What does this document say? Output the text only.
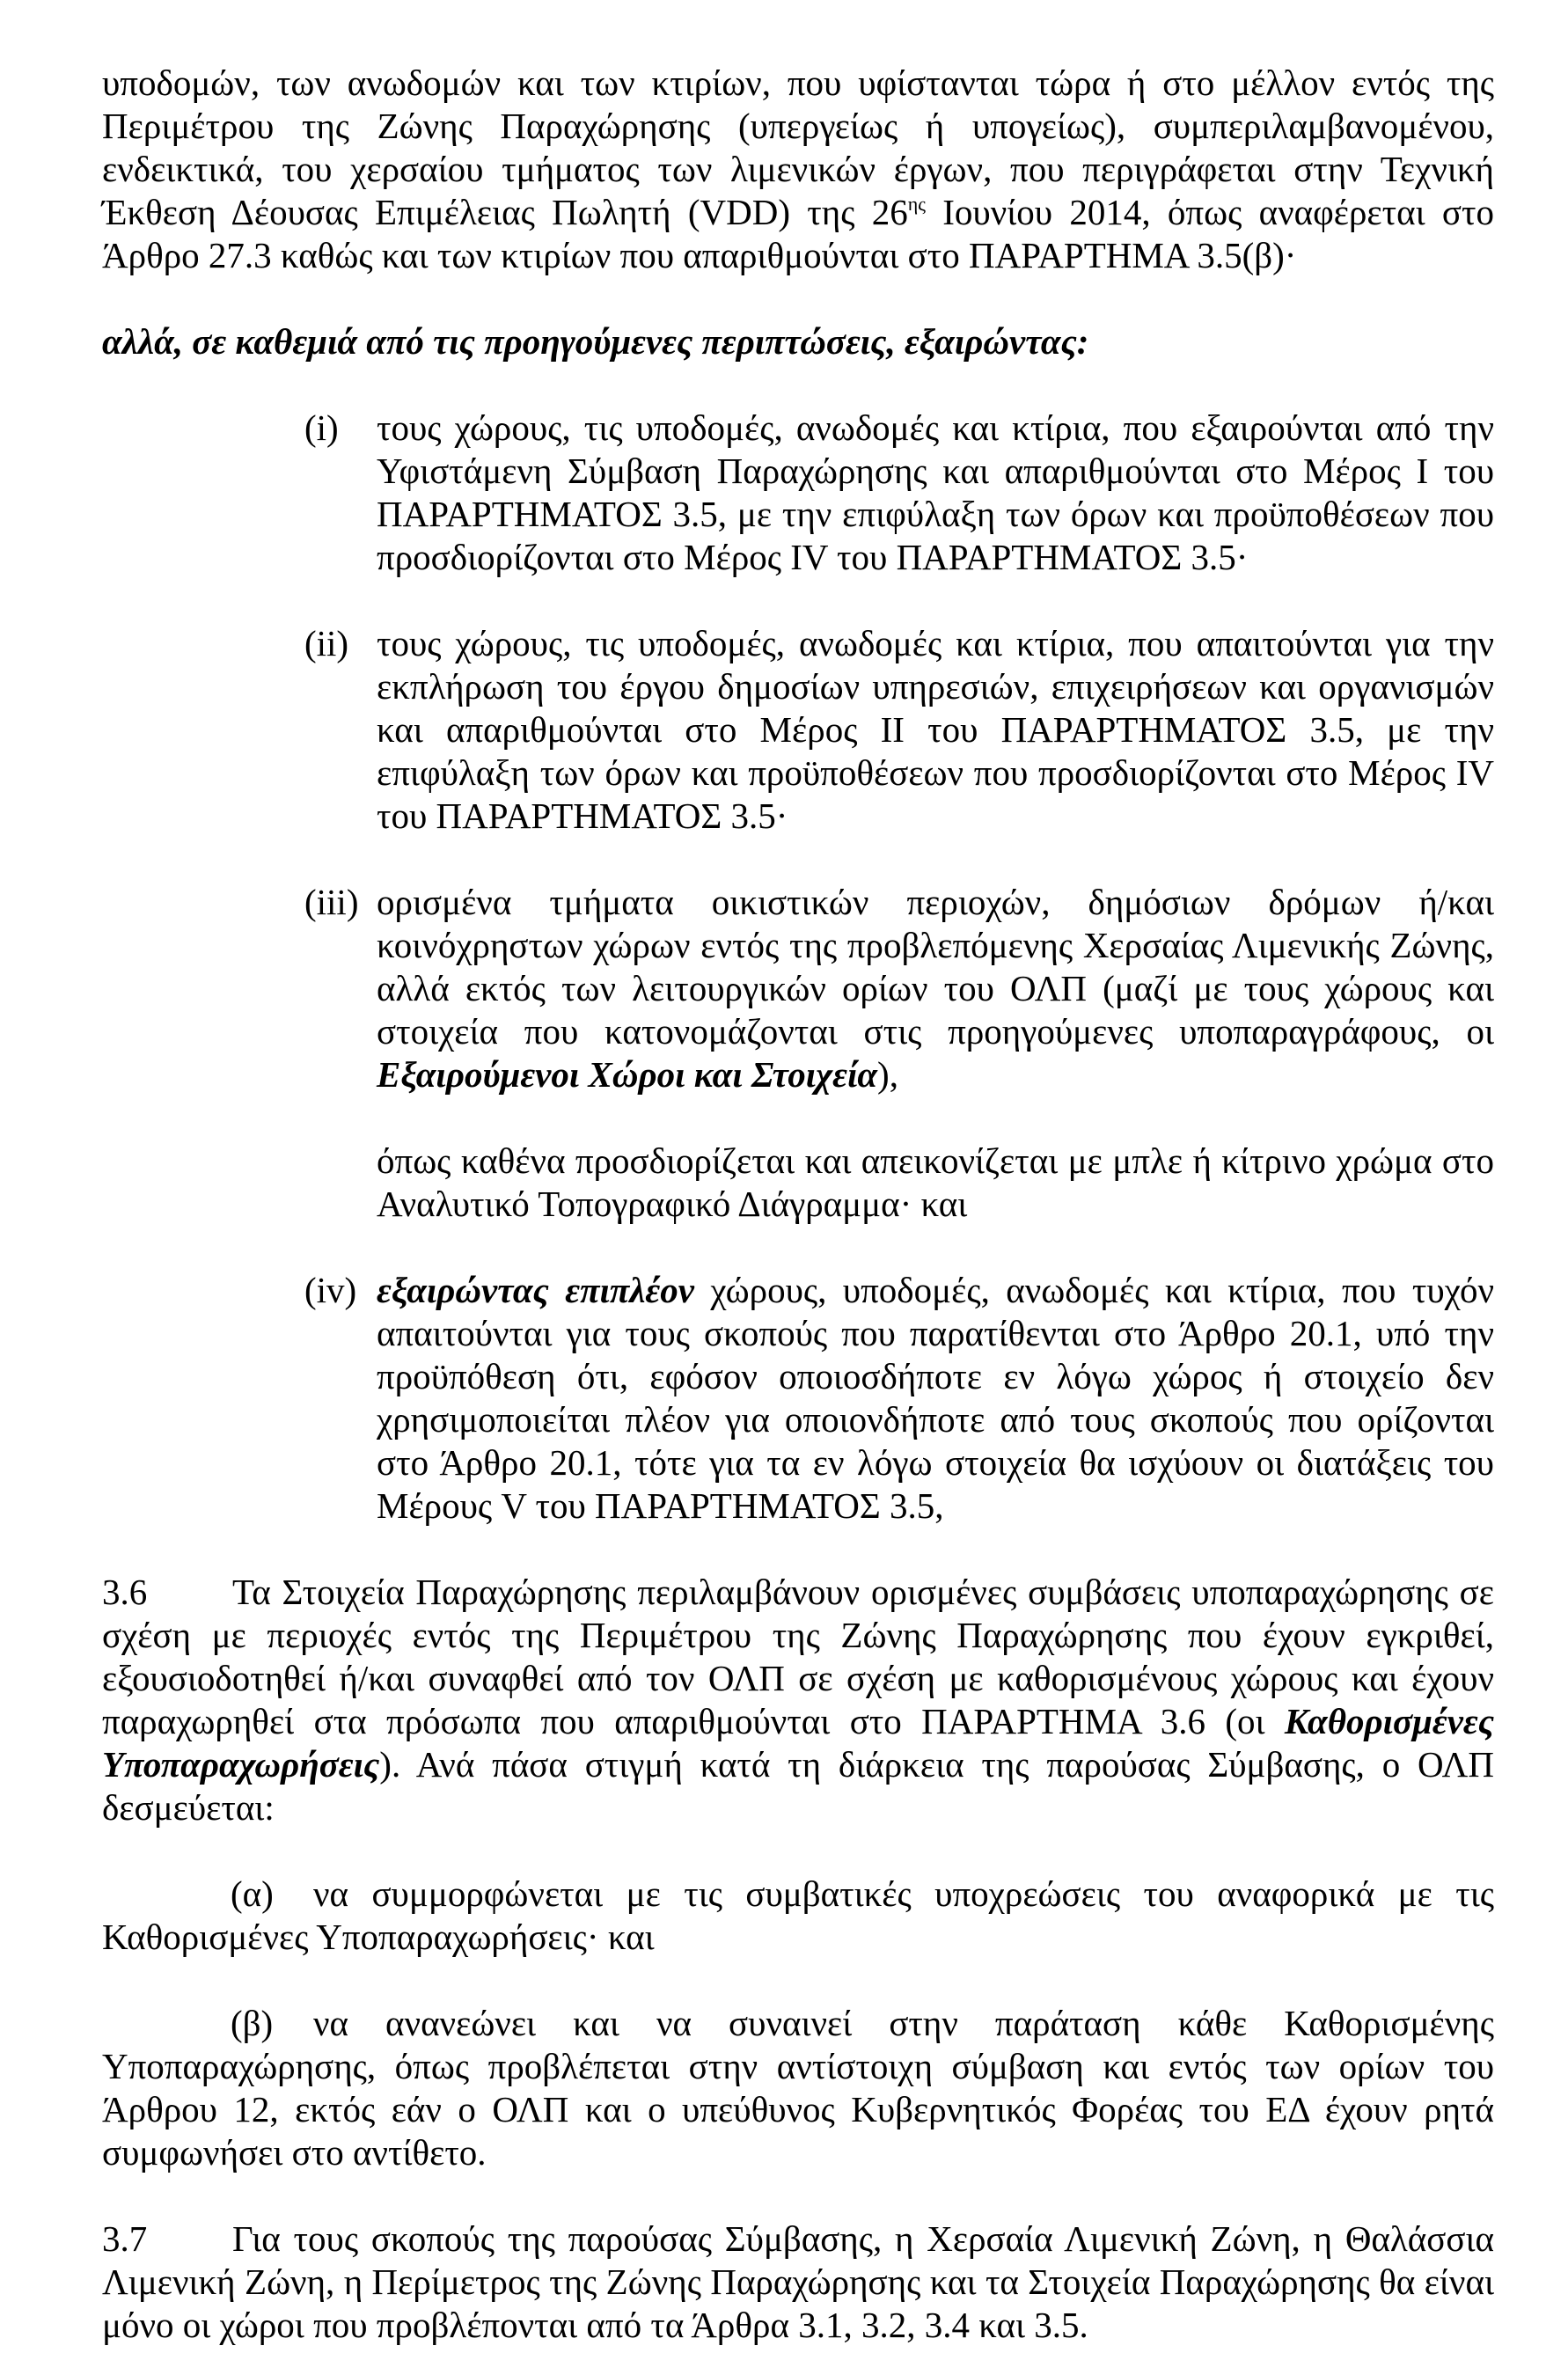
υποδομών, των ανωδομών και των κτιρίων, που υφίστανται τώρα ή στο μέλλον εντός της Περιμέτρου της Ζώνης Παραχώρησης (υπεργείως ή υπογείως), συμπεριλαμβανομένου, ενδεικτικά, του χερσαίου τμήματος των λιμενικών έργων, που περιγράφεται στην Τεχνική Έκθεση Δέουσας Επιμέλειας Πωλητή (VDD) της $26^{\eta\varsigma}$ Ιουνίου 2014, όπως αναφέρεται στο Άρθρο 27.3 καθώς και των κτιρίων που απαριθμούνται στο ΠΑΡΑΡΤΗΜΑ 3.5(β)·

αλλά, σε καθεμιά από τις προηγούμενες περιπτώσεις, εξαιρώντας:

(i)	τους χώρους, τις υποδομές, ανωδομές και κτίρια, που εξαιρούνται από την Υφιστάμενη Σύμβαση Παραχώρησης και απαριθμούνται στο Μέρος I του ΠΑΡΑΡΤΗΜΑΤΟΣ 3.5, με την επιφύλαξη των όρων και προϋποθέσεων που προσδιορίζονται στο Μέρος IV του ΠΑΡΑΡΤΗΜΑΤΟΣ 3.5·
(ii) τους χώρους, τις υποδομές, ανωδομές και κτίρια, που απαιτούνται για την εκπλήρωση του έργου δημοσίων υπηρεσιών, επιχειρήσεων και οργανισμών και απαριθμούνται στο Μέρος II του ΠΑΡΑΡΤΗΜΑΤΟΣ 3.5, με την επιφύλαξη των όρων και προϋποθέσεων που προσδιορίζονται στο Μέρος IV του ΠΑΡΑΡΤΗΜΑΤΟΣ 3.5·
(iii) ορισμένα τμήματα οικιστικών περιοχών, δημόσιων δρόμων ή/και κοινόχρηστων χώρων εντός της προβλεπόμενης Χερσαίας Λιμενικής Ζώνης, αλλά εκτός των λειτουργικών ορίων του ΟΛΠ (μαζί με τους χώρους και στοιχεία που κατονομάζονται στις προηγούμενες υποπαραγράφους, οι Εξαιρούμενοι Χώροι και Στοιχεία),

όπως καθένα προσδιορίζεται και απεικονίζεται με μπλε ή κίτρινο χρώμα στο Αναλυτικό Τοπογραφικό Διάγραμμα· και

(iv) εξαιρώντας επιπλέον χώρους, υποδομές, ανωδομές και κτίρια, που τυχόν απαιτούνται για τους σκοπούς που παρατίθενται στο Άρθρο 20.1, υπό την προϋπόθεση ότι, εφόσον οποιοσδήποτε εν λόγω χώρος ή στοιχείο δεν χρησιμοποιείται πλέον για οποιονδήποτε από τους σκοπούς που ορίζονται στο Άρθρο 20.1, τότε για τα εν λόγω στοιχεία θα ισχύουν οι διατάξεις του Μέρους V του ΠΑΡΑΡΤΗΜΑΤΟΣ 3.5,

3.6 Τα Στοιχεία Παραχώρησης περιλαμβάνουν ορισμένες συμβάσεις υποπαραχώρησης σε σχέση με περιοχές εντός της Περιμέτρου της Ζώνης Παραχώρησης που έχουν εγκριθεί, εξουσιοδοτηθεί ή/και συναφθεί από τον ΟΛΠ σε σχέση με καθορισμένους χώρους και έχουν παραχωρηθεί στα πρόσωπα που απαριθμούνται στο ΠΑΡΑΡΤΗΜΑ 3.6 (οι Καθορισμένες Υποπαραχωρήσεις). Ανά πάσα στιγμή κατά τη διάρκεια της παρούσας Σύμβασης, ο ΟΛΠ δεσμεύεται:

(α) να συμμορφώνεται με τις συμβατικές υποχρεώσεις του αναφορικά με τις Καθορισμένες Υποπαραχωρήσεις· και

(β) να ανανεώνει και να συναινεί στην παράταση κάθε Καθορισμένης Υποπαραχώρησης, όπως προβλέπεται στην αντίστοιχη σύμβαση και εντός των ορίων του Άρθρου 12, εκτός εάν ο ΟΛΠ και ο υπεύθυνος Κυβερνητικός Φορέας του ΕΔ έχουν ρητά συμφωνήσει στο αντίθετο.

3.7 Για τους σκοπούς της παρούσας Σύμβασης, η Χερσαία Λιμενική Ζώνη, η Θαλάσσια Λιμενική Ζώνη, η Περίμετρος της Ζώνης Παραχώρησης και τα Στοιχεία Παραχώρησης θα είναι μόνο οι χώροι που προβλέπονται από τα Άρθρα 3.1, 3.2, 3.4 και 3.5.
